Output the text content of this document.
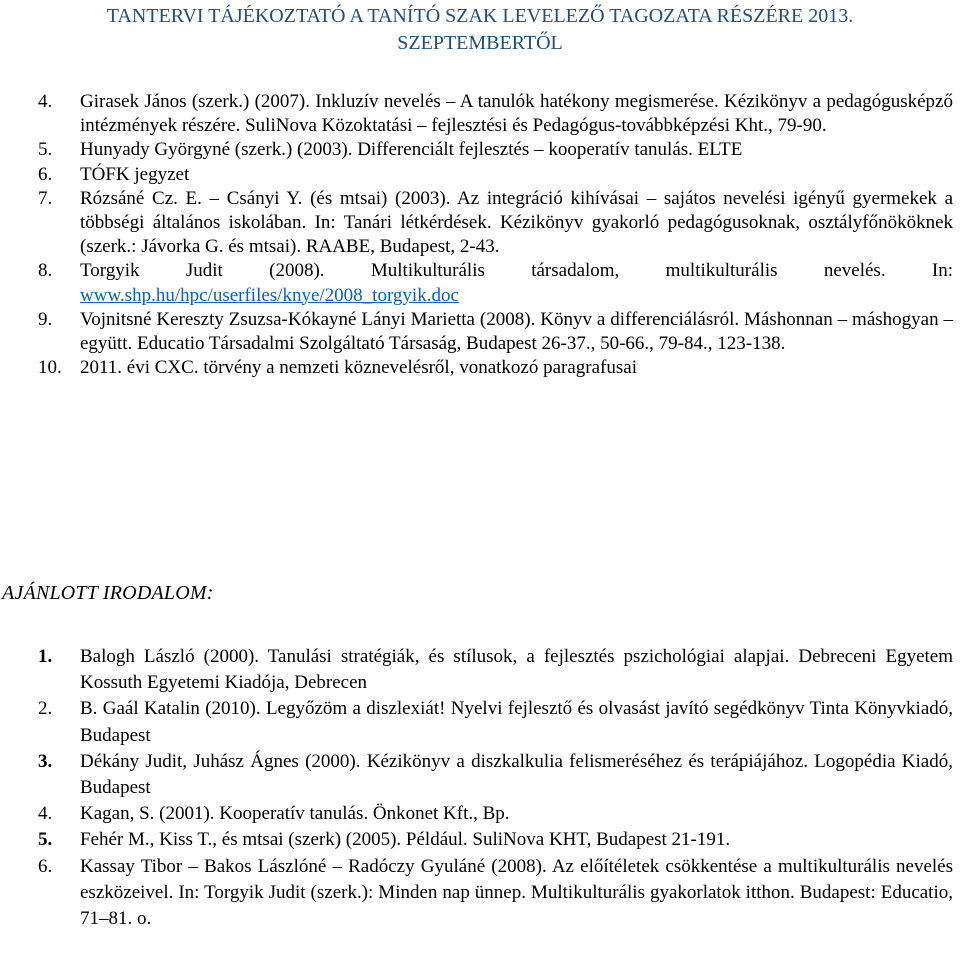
TANTERVI TÁJÉKOZTATÓ A TANÍTÓ SZAK LEVELEZŐ TAGOZATA RÉSZÉRE 2013.
SZEPTEMBERTŐL
4. Girasek János (szerk.) (2007). Inkluzív nevelés – A tanulók hatékony megismerése. Kézikönyv a pedagógusképző intézmények részére. SuliNova Közoktatási – fejlesztési és Pedagógus-továbbképzési Kht., 79-90.
5. Hunyady Györgyné (szerk.) (2003). Differenciált fejlesztés – kooperatív tanulás. ELTE
6. TÓFK jegyzet
7. Rózsáné Cz. E. – Csányi Y. (és mtsai) (2003). Az integráció kihívásai – sajátos nevelési igényű gyermekek a többségi általános iskolában. In: Tanári létkérdések. Kézikönyv gyakorló pedagógusoknak, osztályfőnököknek (szerk.: Jávorka G. és mtsai). RAABE, Budapest, 2-43.
8. Torgyik Judit (2008). Multikulturális társadalom, multikulturális nevelés. In: www.shp.hu/hpc/userfiles/knye/2008_torgyik.doc
9. Vojnitsné Kereszty Zsuzsa-Kókayné Lányi Marietta (2008). Könyv a differenciálásról. Máshonnan – máshogyan – együtt. Educatio Társadalmi Szolgáltató Társaság, Budapest 26-37., 50-66., 79-84., 123-138.
10. 2011. évi CXC. törvény a nemzeti köznevelésről, vonatkozó paragrafusai
AJÁNLOTT IRODALOM:
1. Balogh László (2000). Tanulási stratégiák, és stílusok, a fejlesztés pszichológiai alapjai. Debreceni Egyetem Kossuth Egyetemi Kiadója, Debrecen
2. B. Gaál Katalin (2010). Legyőzöm a diszlexiát! Nyelvi fejlesztő és olvasást javító segédkönyv Tinta Könyvkiadó, Budapest
3. Dékány Judit, Juhász Ágnes (2000). Kézikönyv a diszkalkulia felismeréséhez és terápiájához. Logopédia Kiadó, Budapest
4. Kagan, S. (2001). Kooperatív tanulás. Önkonet Kft., Bp.
5. Fehér M., Kiss T., és mtsai (szerk) (2005). Például. SuliNova KHT, Budapest 21-191.
6. Kassay Tibor – Bakos Lászlóné – Radóczy Gyuláné (2008). Az előítéletek csökkentése a multikulturális nevelés eszközeivel. In: Torgyik Judit (szerk.): Minden nap ünnep. Multikulturális gyakorlatok itthon. Budapest: Educatio, 71–81. o.
